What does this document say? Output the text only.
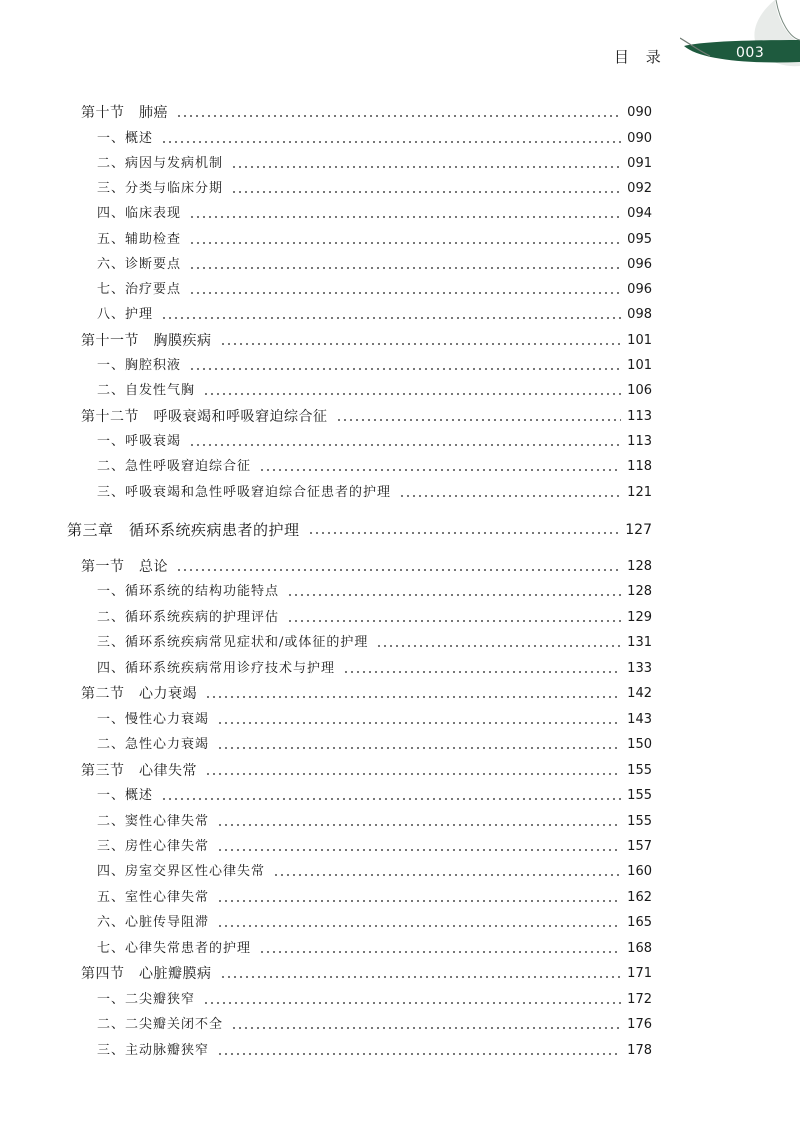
003
目 录
第十节　肺癌	090
一、概述	090
二、病因与发病机制	091
三、分类与临床分期	092
四、临床表现	094
五、辅助检查	095
六、诊断要点	096
七、治疗要点	096
八、护理	098
第十一节　胸膜疾病	101
一、胸腔积液	101
二、自发性气胸	106
第十二节　呼吸衰竭和呼吸窘迫综合征	113
一、呼吸衰竭	113
二、急性呼吸窘迫综合征	118
三、呼吸衰竭和急性呼吸窘迫综合征患者的护理	121
第三章　循环系统疾病患者的护理	127
第一节　总论	128
一、循环系统的结构功能特点	128
二、循环系统疾病的护理评估	129
三、循环系统疾病常见症状和/或体征的护理	131
四、循环系统疾病常用诊疗技术与护理	133
第二节　心力衰竭	142
一、慢性心力衰竭	143
二、急性心力衰竭	150
第三节　心律失常	155
一、概述	155
二、窦性心律失常	155
三、房性心律失常	157
四、房室交界区性心律失常	160
五、室性心律失常	162
六、心脏传导阻滞	165
七、心律失常患者的护理	168
第四节　心脏瓣膜病	171
一、二尖瓣狭窄	172
二、二尖瓣关闭不全	176
三、主动脉瓣狭窄	178
